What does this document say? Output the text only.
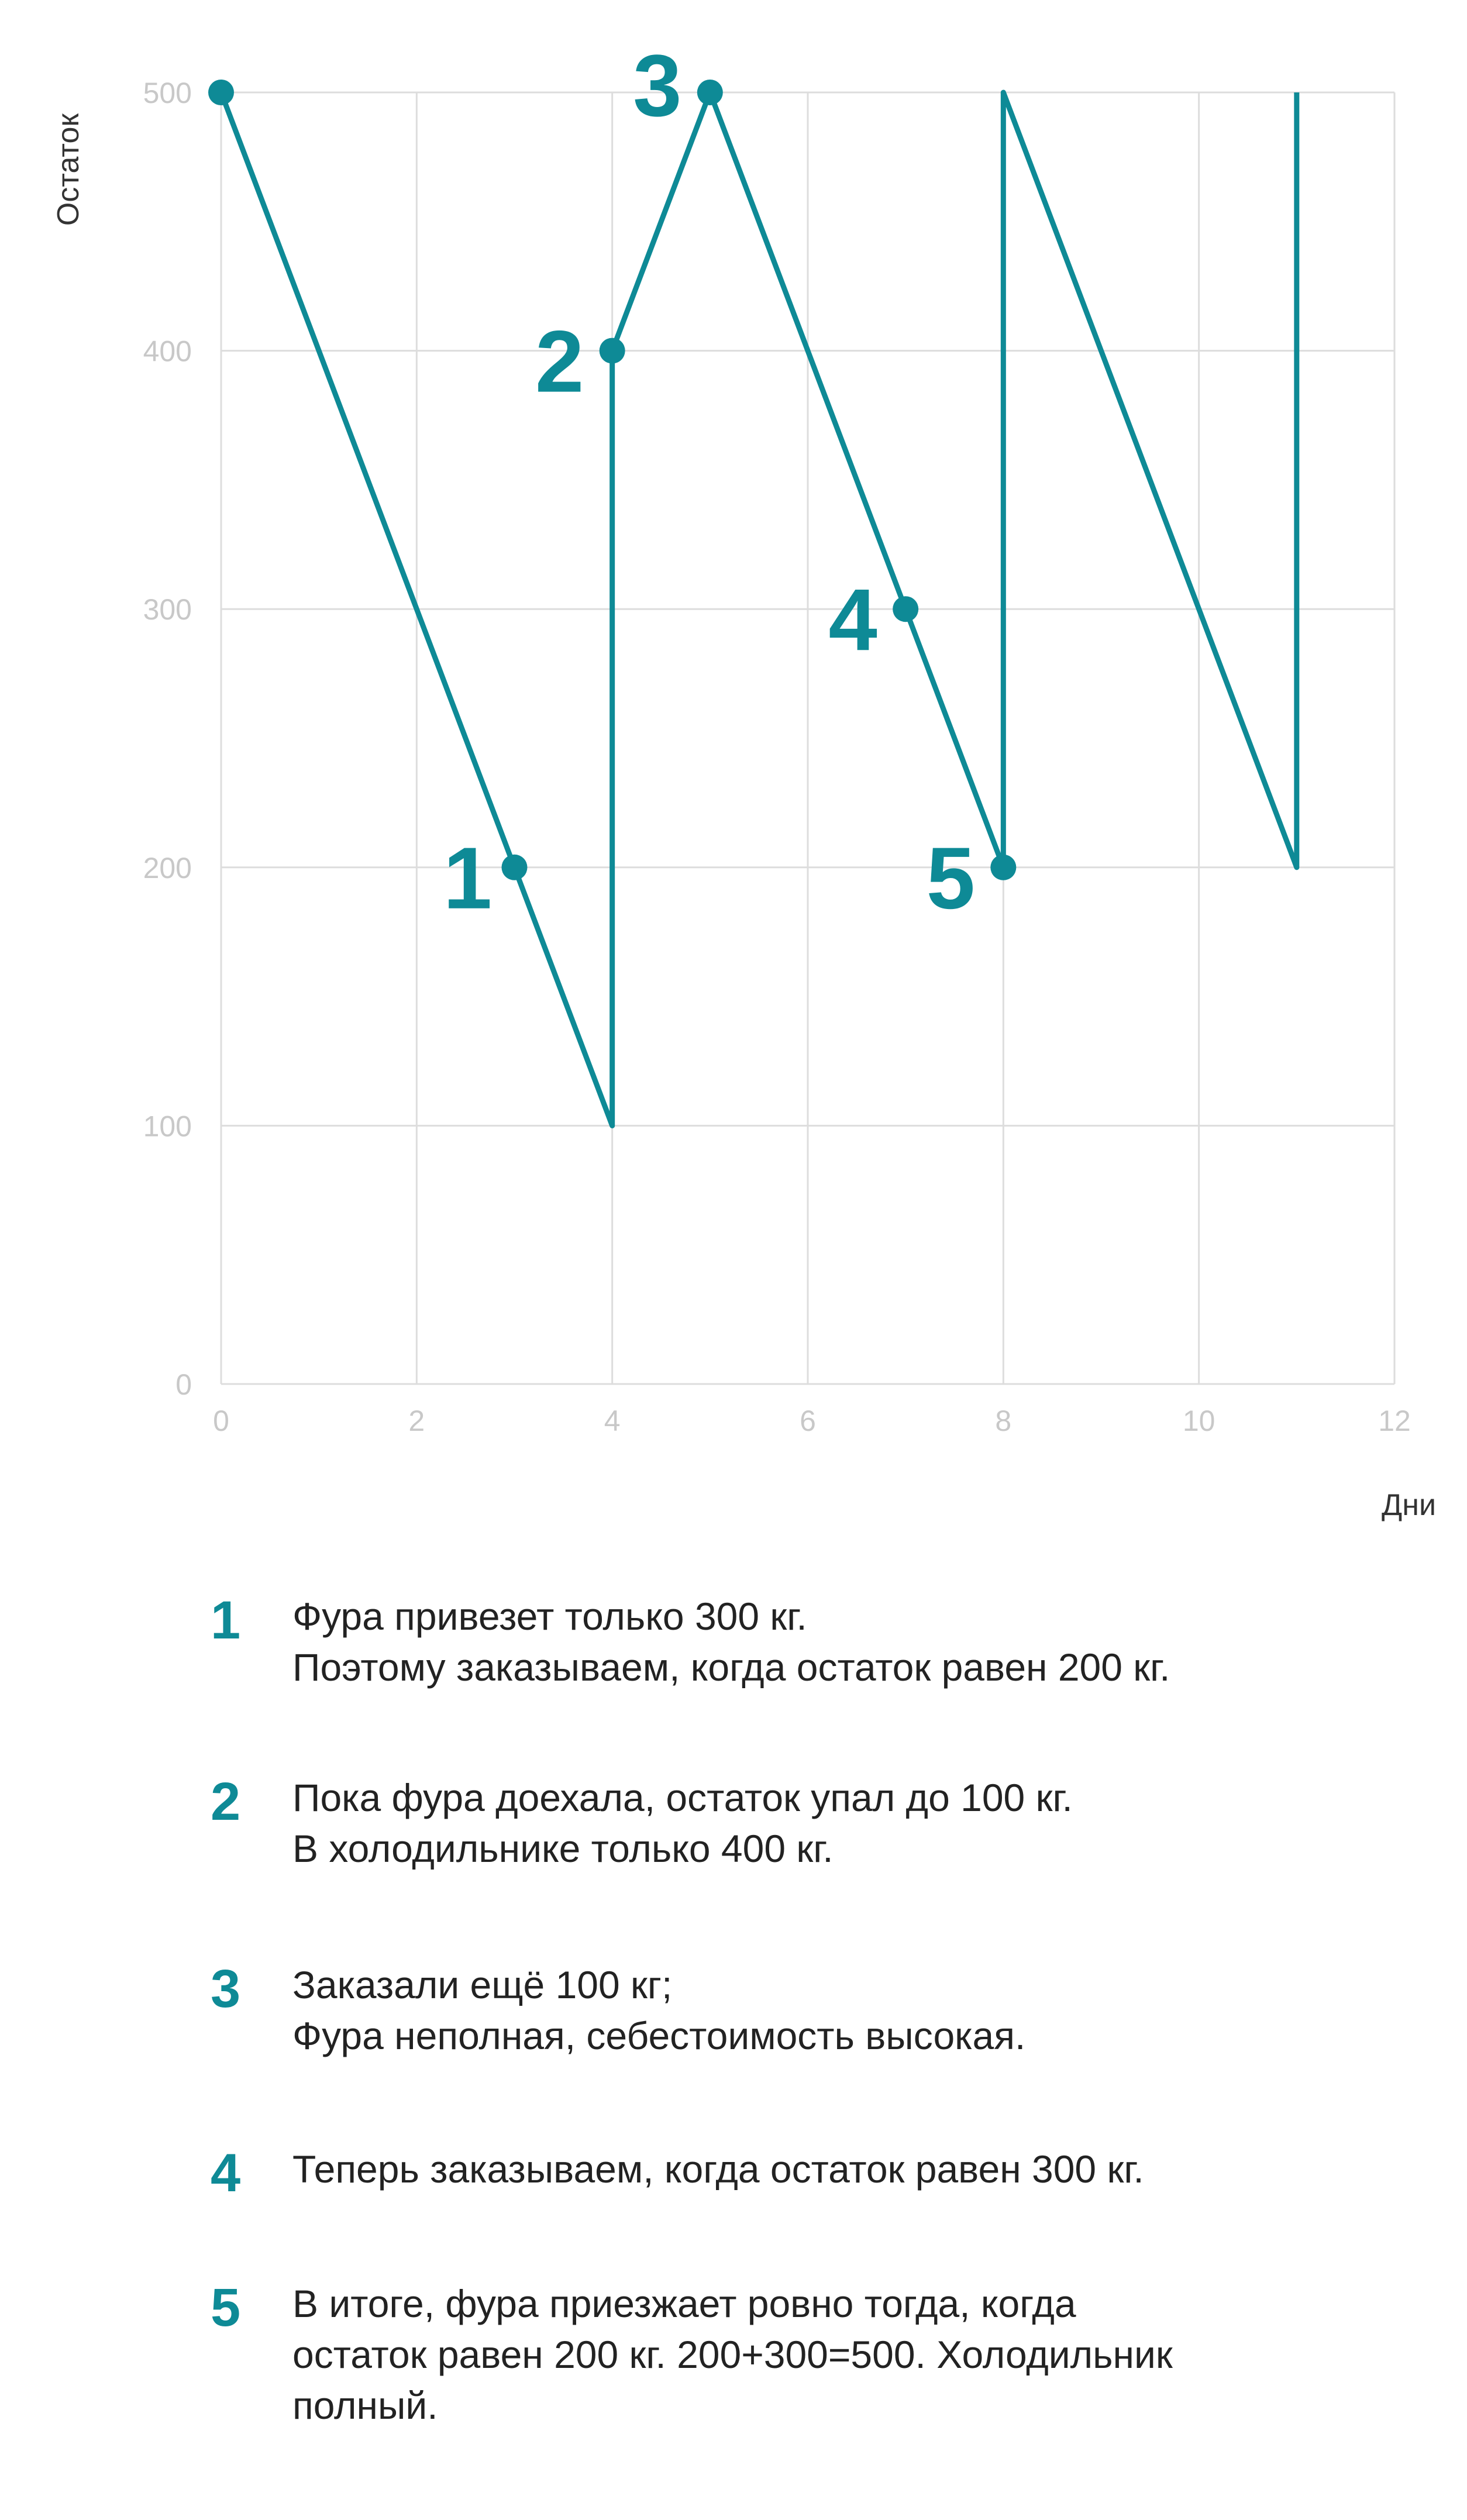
0
100
200
300
400
500
0	2	4	6	8	10	12
Остаток
Дни
1
2
3
4
5
1	Фура привезет только 300 кг.
Поэтому заказываем, когда остаток равен 200 кг.
2	Пока фура доехала, остаток упал до 100 кг.
В холодильнике только 400 кг.
3	Заказали ещё 100 кг;
Фура неполная, себестоимость высокая.
4	Теперь заказываем, когда остаток равен 300 кг.
5	В итоге, фура приезжает ровно тогда, когда
остаток равен 200 кг. 200+300=500. Холодильник
полный.
